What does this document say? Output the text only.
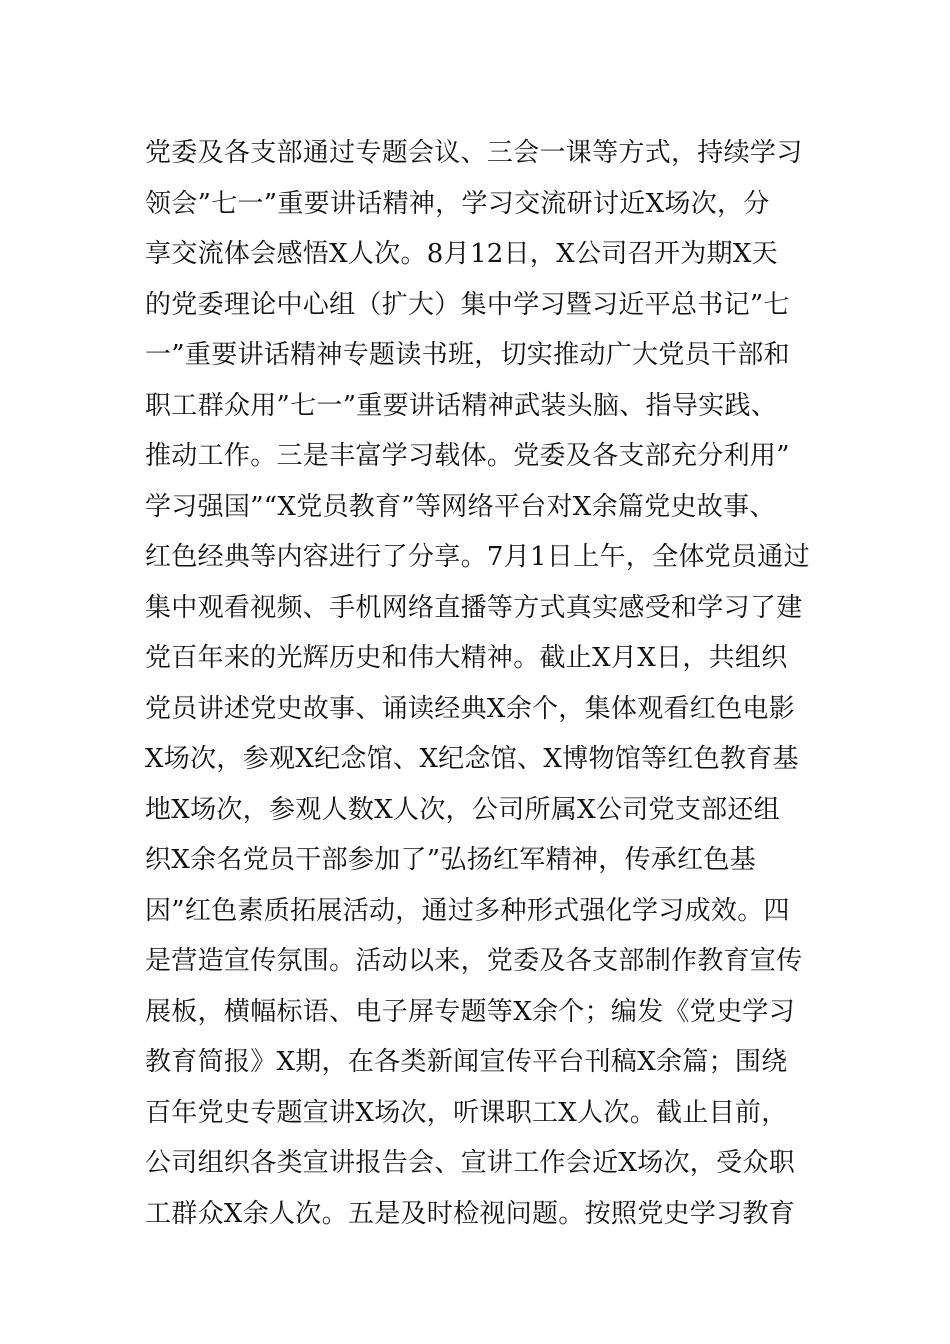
党委及各支部通过专题会议、三会一课等方式，持续学习
领会”七一”重要讲话精神，学习交流研讨近X场次，分
享交流体会感悟X人次。8月12日，X公司召开为期X天
的党委理论中心组（扩大）集中学习暨习近平总书记”七
一”重要讲话精神专题读书班，切实推动广大党员干部和
职工群众用”七一”重要讲话精神武装头脑、指导实践、
推动工作。三是丰富学习载体。党委及各支部充分利用”
学习强国”“X党员教育”等网络平台对X余篇党史故事、
红色经典等内容进行了分享。7月1日上午，全体党员通过
集中观看视频、手机网络直播等方式真实感受和学习了建
党百年来的光辉历史和伟大精神。截止X月X日，共组织
党员讲述党史故事、诵读经典X余个，集体观看红色电影
X场次，参观X纪念馆、X纪念馆、X博物馆等红色教育基
地X场次，参观人数X人次，公司所属X公司党支部还组
织X余名党员干部参加了”弘扬红军精神，传承红色基
因”红色素质拓展活动，通过多种形式强化学习成效。四
是营造宣传氛围。活动以来，党委及各支部制作教育宣传
展板，横幅标语、电子屏专题等X余个；编发《党史学习
教育简报》X期，在各类新闻宣传平台刊稿X余篇；围绕
百年党史专题宣讲X场次，听课职工X人次。截止目前，
公司组织各类宣讲报告会、宣讲工作会近X场次，受众职
工群众X余人次。五是及时检视问题。按照党史学习教育
